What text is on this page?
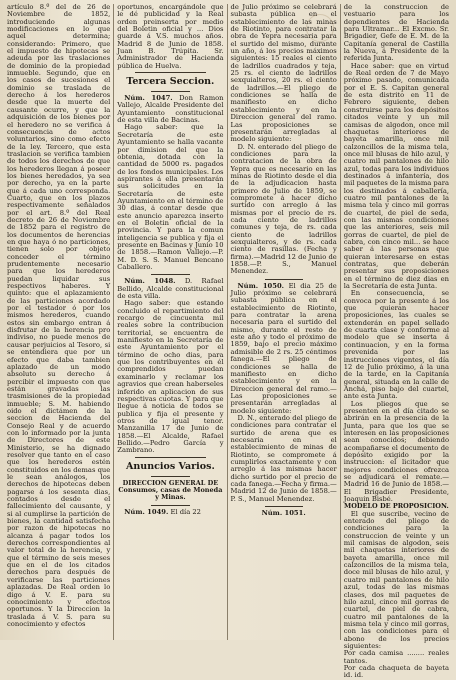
artículo 8.º del de 26 de Noviembre de 1852, introduciendo algunas modificaciones en lo que aquel determina; considerando: Primero, que el impuesto de hipotecas se adeuda por las traslaciones de dominio de la propiedad inmueble. Segundo, que en los casos de sucesiones el dominio se traslada de derecho á los herederos desde que la muerte del causante ocurre, y que la adquisición de los bienes por el heredero no se verifica á consecuencia de actos voluntarios, sino como efecto de la ley. Tercero, que esta traslacion se verifica tambien de todos los derechos de que los herederos llegan á poseer los bienes heredados, ya sea por derecho, ya en la parte que á cada uno corresponda. Cuarto, que en los plazos respectivamente señalados por el art. 8.º del Real decreto de 26 de Noviembre de 1852 para el registro de los documentos de herencias en que haya ó no particiones, tienen solo por objeto conceder el término prudentemente necesario para que los herederos puedan liquidar sus respectivos haberes. Y quinto: que el aplazamiento de las particiones acordado por el testador ó por los mismos herederos, cuando estos sin embargo entran á disfrutar de la herencia pro indiviso, no puede menos de causar perjuicios al Tesoro, si se entendiera que por un efecto que daba tambien aplazado de un modo absoluto su derecho á percibir el impuesto con que están gravadas las trasmisiones de la propiedad inmueble; S. M. habiendo oido el dictámen de la seccion de Hacienda del Consejo Real y de acuerdo con lo informado por la junta de Directores de este Ministerio, se ha dignado resolver que tanto en el caso que los herederos estén constituidos en los demas que le sean análogos, los derechos de hipotecas deben pagarse á los sesenta dias, contados desde el fallecimiento del causante, y si al cumplirse la partición de bienes, la cantidad satisfecha por razon de hipotecas no alcanza á pagar todos los derechos correspondientes al valor total de la herencia, y que el término de seis meses que en el de los citados derechos para después de verificarse las particiones aplazadas. De Real orden lo digo á V. E. para su conocimiento y efectos oportunos. Y la Direccion la traslada á V. S. para su conocimiento y efectos

oportunos, encargándole que le dé publicidad y la Real orden preinserta por medio del Boletin oficial y ... Dios guarde á V.S. muchos años. Madrid 8 de Junio de 1858. Juan B. Trúpita. Sr. Administrador de Hacienda pública de Huelva.

Tercera Seccion.

Núm. 1047. Don Ramon Vallejo, Alcalde Presidente del Ayuntamiento constitucional de esta villa de Bacinas.

Hago saber: que la Secretaría de este Ayuntamiento se halla vacante por dimision del que la obtenia, dotada con la cantidad de 5000 rs. pagados de los fondos municipales. Los aspirantes á ella presentarán sus solicitudes en la Secretaría de este Ayuntamiento en el término de 30 dias, á contar desde que este anuncio aparezca inserto en el Boletin oficial de la provincia. Y para la comun inteligencia se publica y fija el presente en Bacinas y Junio 10 de 1858.—Ramon Vallejo.—P. M. D. S. S. Manuel Bencano Caballero.

Núm. 1048. D. Rafael Bellido, Alcalde constitucional de esta villa.

Hago saber: que estando concluido el repartimiento del recargo de cincuenta mil reales sobre la contribucion territorial, se encuentra de manifiesto en la Secretaría de este Ayuntamiento por el término de ocho dias, para que los contribuyentes en él comprendidos puedan examinarlo y reclamar los agravios que crean haberseles inferido en aplicacion de sus respectivas cuotas. Y para que llegue á noticia de todos se publica y fija el presente y otros de igual tenor. Manzanilla 17 de Junio de 1858.—El Alcalde, Rafael Bellido.—Pedro García y Zambrano.

Anuncios Varios.
DIRECCION GENERAL DE Consumos, casas de Moneda y Minas.

Núm. 1049. El día 22

de Julio próximo se celebrará subasta pública en el establecimiento de las minas de Riotinto, para contratar la obra de Yepra necesaria para el surtido del mismo, durante un año, á los precios máximos siguientes: 15 reales el ciento de ladrillos cuadrados y teja, 25 rs. el ciento de ladrillos sexquialteros, 20 rs. el ciento de ladrillos.—El pliego de condiciones se halla de manifiesto en dicho establecimiento y en la Direccion general del ramo. Las proposiciones se presentarán arregladas al modelo siguiente:

D. N. enterado del pliego de condiciones para la contratacion de la obra de Yepra que es necesario en las minas de Riotinto desde el dia de la adjudicacion hasta primero de Julio de 1859, se compromete á hacer dicho surtido con arreglo á las mismas por el precio de rs. cada ciento de ladrillos comunes y teja, de rs. cada ciento de ladrillos sexquialteros, y de rs. cada ciento de rasillas. (Fecha y firma).—Madrid 12 de Junio de 1858.—P. S., Manuel Menendez.

Núm. 1050. El dia 25 de Julio próximo se celebrará subasta pública en el establecimiento de Riotinto, para contratar la arena necesaria para el surtido del mismo, durante el resto de este año y todo el próximo de 1859, bajo el precio máximo admisible de 2 rs. 25 céntimos fanega.—El pliego de condiciones se halla de manifiesto en dicho establecimiento y en la Direccion general del ramo.—Las proposiciones se presentarán arregladas al modelo siguiente:

D. N., enterado del pliego de condiciones para contratar el surtido de arena que es necesaria en el establecimiento de minas de Riotinto, se compromete á cumplirlos exactamente y con arreglo á las mismas hacer dicho surtido por el precio de cada fanega.—Fecha y firma.—Madrid 12 de Junio de 1858.—P. S., Manuel Menendez.

Núm. 1051.

de la construccion de vestuario para los dependientes de Hacienda para Ultramar... El Excmo. Sr. Brigadier, Gefe de E. M. de la Capitanía general de Castilla la Nueva, á Presidente de la referida Junta.

Hace saber: que en virtud de Real orden de 7 de Mayo próximo pasado, comunicada por el E. S. Capitan general de esta distrito en 11 de Febrero siguiente, deben construirse para los depósitos citados veinte y un mil camisas de algodon, once mil chaquetas interiores de bayeta amarilla, once mil calzoncillos de la misma tela, once mil blusas de hilo azul, y cuatro mil pantalones de hilo azul, todas para los individuos destinados á infantería, dos mil paquetes de la misma para los destinados á caballería, cuatro mil pantalones de la misma tela y cinco mil gorras de cuartel, de piel de seda, con las mismas condiciones que las anteriores, seis mil gorras de cuartel, de piel de cabra, con cinco mil... se hace saber á las personas que quieran interesarse en estas contratas, que deberán presentar sus proposiciones en el término de diez dias en la Secretaría de esta Junta.

En consecuencia, se convoca por la presente á los que quieran hacer proposiciones, las cuales se extenderán en papel sellado de cuarta clase y conforme al modelo que se inserta á continuacion, y en la forma prevenida por las instrucciones vigentes, el día 12 de Julio próximo, á la una de la tarde, en la Capitanía general, situada en la calle de Anchá, piso bajo del cuartel, ante esta Junta.

Los pliegos que se presenten en el día citado se abrirán en la presencia de la Junta, para que los que se interesen en las proposiciones sean conocidos; debiendo acompañarse el documento de depósito exigido por la instruccion: el licitador que mejores condiciones ofrezca se adjudicará el remate.—Madrid 16 de Junio de 1858.—El Brigadier Presidente, Joaquin Bisbé.

MODELO DE PROPOSICION.

El que suscribe, vecino de enterado del pliego de condiciones para la construccion de veinte y un mil camisas de algodon, seis mil chaquetas interiores de bayeta amarilla, once mil calzoncillos de la misma tela, doce mil blusas de hilo azul, y cuatro mil pantalones de hilo azul, todas de las mismas clases, dos mil paquetes de hilo azul, cinco mil gorras de cuartel, de piel de cabra, cuatro mil pantalones de la misma tela y cinco mil gorras, con las condiciones para el abono de los precios siguientes:

Por cada camisa ........ reales tantos.

Por cada chaqueta de bayeta id. id.
